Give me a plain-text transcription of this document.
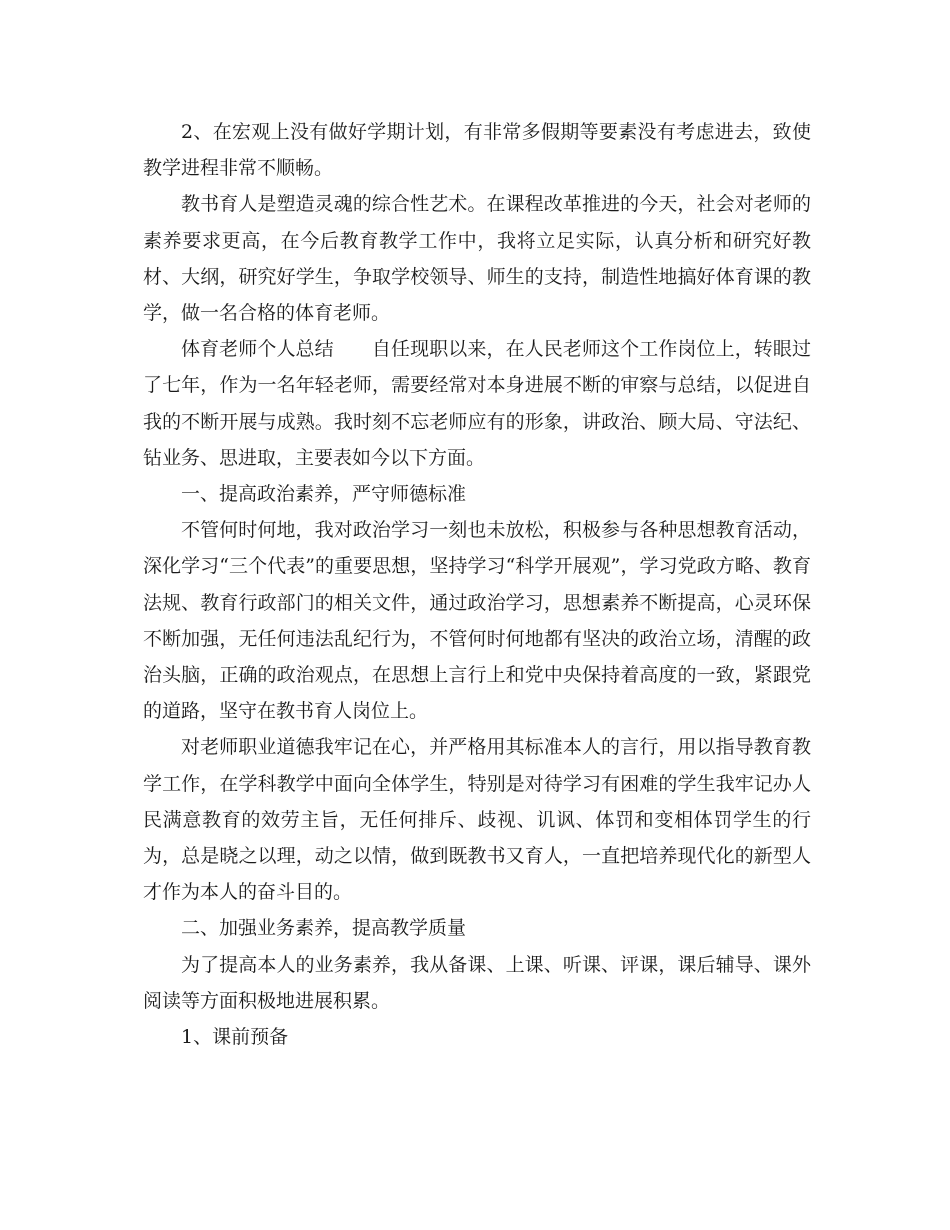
2、在宏观上没有做好学期计划，有非常多假期等要素没有考虑进去，致使教学进程非常不顺畅。

教书育人是塑造灵魂的综合性艺术。在课程改革推进的今天，社会对老师的素养要求更高，在今后教育教学工作中，我将立足实际，认真分析和研究好教材、大纲，研究好学生，争取学校领导、师生的支持，制造性地搞好体育课的教学，做一名合格的体育老师。

体育老师个人总结　　自任现职以来，在人民老师这个工作岗位上，转眼过了七年，作为一名年轻老师，需要经常对本身进展不断的审察与总结，以促进自我的不断开展与成熟。我时刻不忘老师应有的形象，讲政治、顾大局、守法纪、钻业务、思进取，主要表如今以下方面。

一、提高政治素养，严守师德标准

不管何时何地，我对政治学习一刻也未放松，积极参与各种思想教育活动，深化学习“三个代表”的重要思想，坚持学习“科学开展观”，学习党政方略、教育法规、教育行政部门的相关文件，通过政治学习，思想素养不断提高，心灵环保不断加强，无任何违法乱纪行为，不管何时何地都有坚决的政治立场，清醒的政治头脑，正确的政治观点，在思想上言行上和党中央保持着高度的一致，紧跟党的道路，坚守在教书育人岗位上。

对老师职业道德我牢记在心，并严格用其标准本人的言行，用以指导教育教学工作，在学科教学中面向全体学生，特别是对待学习有困难的学生我牢记办人民满意教育的效劳主旨，无任何排斥、歧视、讥讽、体罚和变相体罚学生的行为，总是晓之以理，动之以情，做到既教书又育人，一直把培养现代化的新型人才作为本人的奋斗目的。

二、加强业务素养，提高教学质量

为了提高本人的业务素养，我从备课、上课、听课、评课，课后辅导、课外阅读等方面积极地进展积累。

1、课前预备
